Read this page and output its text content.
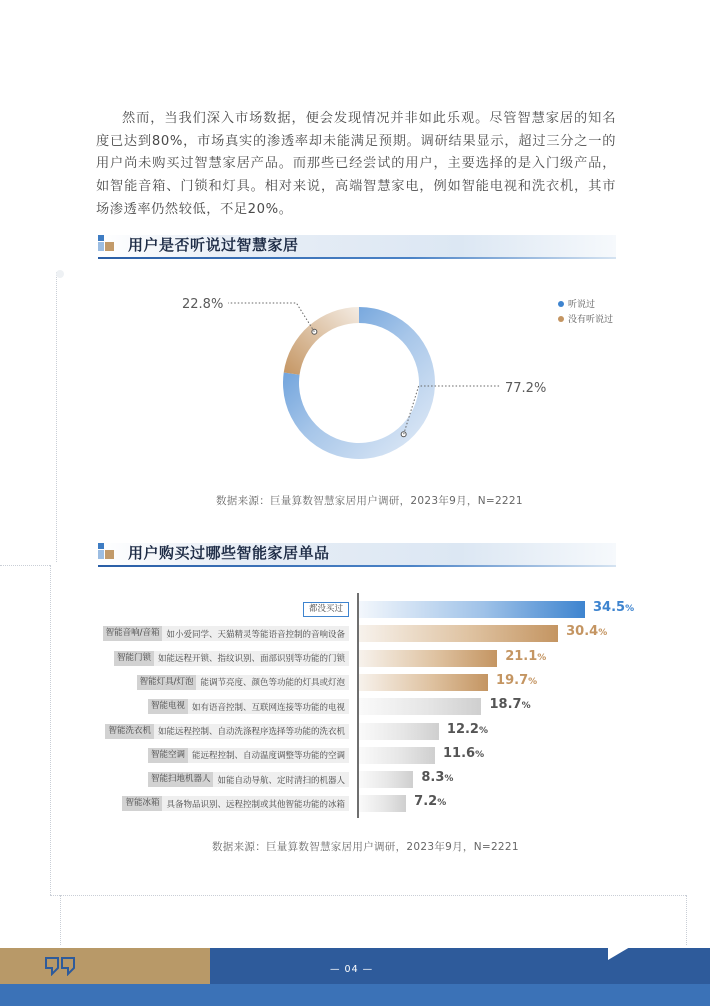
然而，当我们深入市场数据，便会发现情况并非如此乐观。尽管智慧家居的知名度已达到80%，市场真实的渗透率却未能满足预期。调研结果显示，超过三分之一的用户尚未购买过智慧家居产品。而那些已经尝试的用户，主要选择的是入门级产品，如智能音箱、门锁和灯具。相对来说，高端智慧家电，例如智能电视和洗衣机，其市场渗透率仍然较低，不足20%。

用户是否听说过智慧家居
22.8%
77.2%
听说过
没有听说过
数据来源：巨量算数智慧家居用户调研，2023年9月，N=2221
用户购买过哪些智能家居单品
都没买过	34.5%
智能音响/音箱 如小爱同学、天猫精灵等能语音控制的音响设备	30.4%
智能门锁 如能远程开锁、指纹识别、面部识别等功能的门锁	21.1%
智能灯具/灯泡 能调节亮度、颜色等功能的灯具或灯泡	19.7%
智能电视 如有语音控制、互联网连接等功能的电视	18.7%
智能洗衣机 如能远程控制、自动洗涤程序选择等功能的洗衣机	12.2%
智能空调 能远程控制、自动温度调整等功能的空调	11.6%
智能扫地机器人 如能自动导航、定时清扫的机器人	8.3%
智能冰箱 具备物品识别、远程控制或其他智能功能的冰箱	7.2%
数据来源：巨量算数智慧家居用户调研，2023年9月，N=2221
— 04 —
